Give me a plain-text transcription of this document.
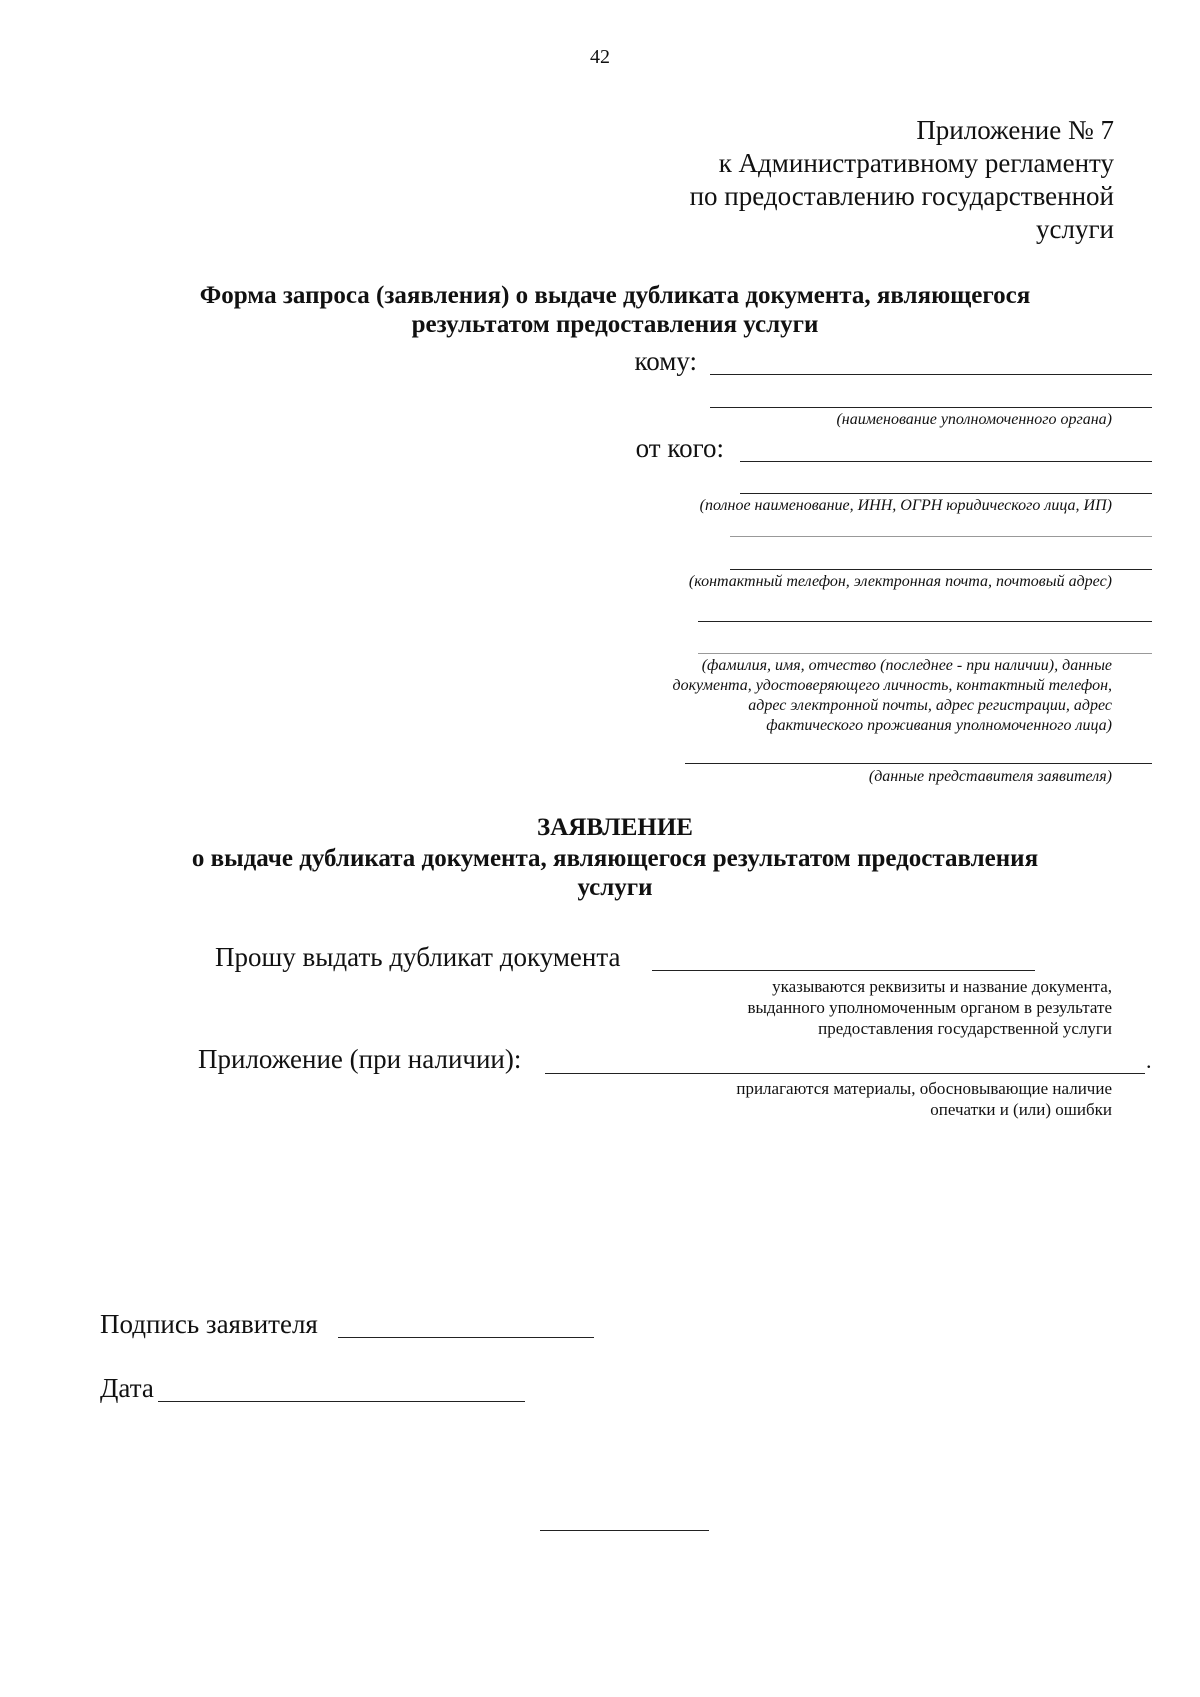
42
Приложение № 7
к Административному регламенту
по предоставлению государственной
услуги
Форма запроса (заявления) о выдаче дубликата документа, являющегося
результатом предоставления услуги
кому:
(наименование уполномоченного органа)
от кого:
(полное наименование, ИНН, ОГРН юридического лица, ИП)
(контактный телефон, электронная почта, почтовый адрес)
(фамилия, имя, отчество (последнее - при наличии), данные
документа, удостоверяющего личность, контактный телефон,
адрес электронной почты, адрес регистрации, адрес
фактического проживания уполномоченного лица)
(данные представителя заявителя)
ЗАЯВЛЕНИЕ
о выдаче дубликата документа, являющегося результатом предоставления
услуги
Прошу выдать дубликат документа
указываются реквизиты и название документа,
выданного уполномоченным органом в результате
предоставления государственной услуги
Приложение (при наличии):	.
прилагаются материалы, обосновывающие наличие
опечатки и (или) ошибки
Подпись заявителя
Дата
